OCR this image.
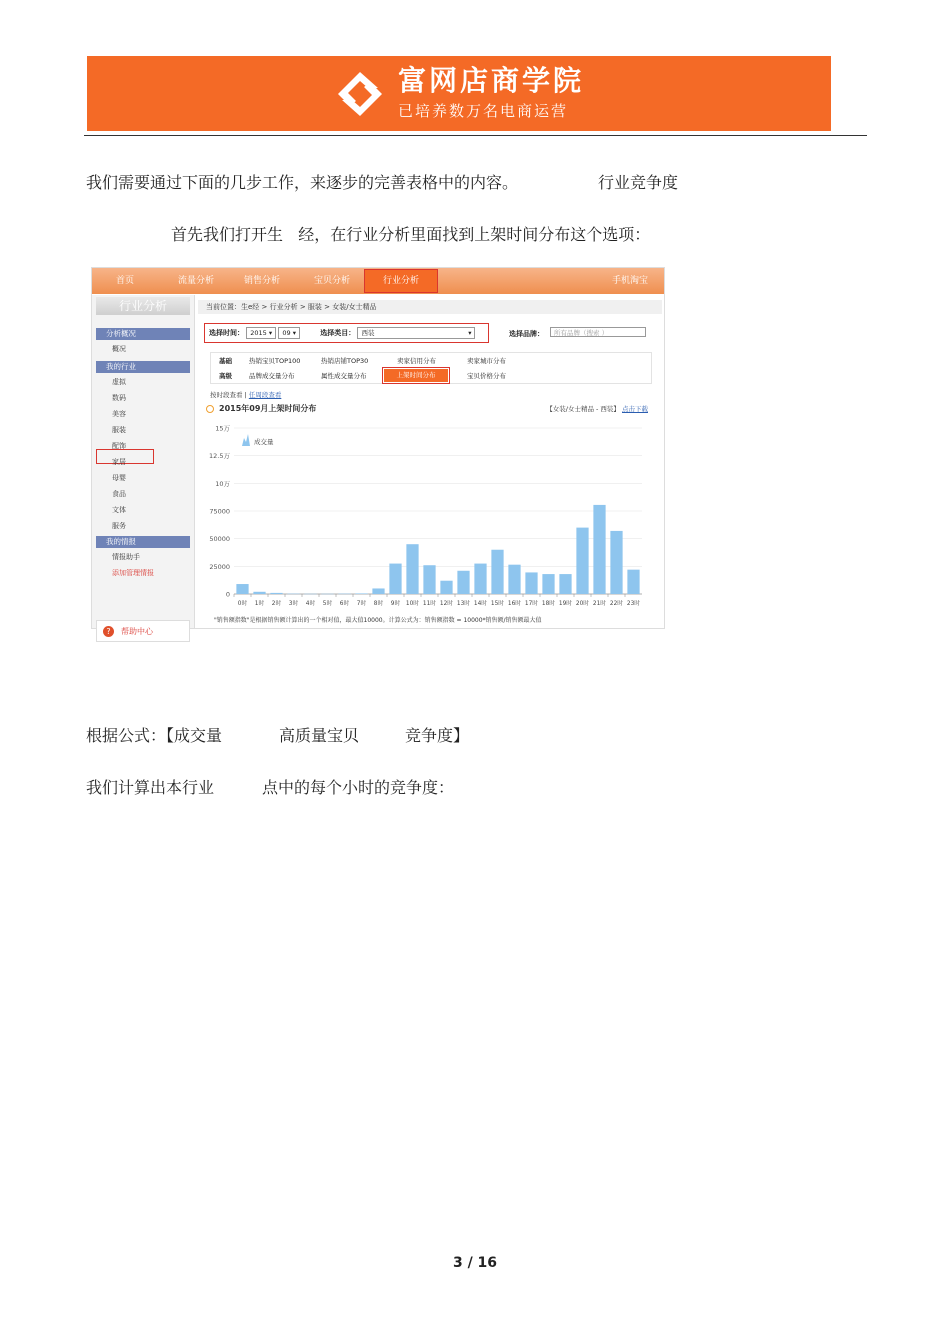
富网店商学院
已培养数万名电商运营
我们需要通过下面的几步工作，来逐步的完善表格中的内容。	行业竞争度
首先我们打开生   经，在行业分析里面找到上架时间分布这个选项：
首页	流量分析	销售分析	宝贝分析	行业分析	手机淘宝
行业分析
分析概况
概况
我的行业
虚拟
数码
美容
服装
配饰
家居
母婴
食品
文体
服务
我的情报
情报助手
添加管理情报
?	帮助中心
当前位置：生e经 > 行业分析 > 服装 > 女装/女士精品
选择时间： 2015 ▾ 09 ▾	选择类目： 西装	▾	选择品牌：	所有品牌（搜索 ）
基础	热销宝贝TOP100	热销店铺TOP30	卖家信用分布	卖家城市分布
高级	品牌成交量分布	属性成交量分布	上架时间分布	宝贝价格分布
按时段查看 | 任周段查看
2015年09月上架时间分布	【女装/女士精品 - 西装】 点击下载
0
25000
50000
75000
10万
12.5万
15万
0时 1时 2时 3时 4时 5时 6时 7时 8时 9时 10时 11时 12时 13时 14时 15时 16时 17时 18时 19时 20时 21时 22时 23时
成交量
"销售额指数"是根据销售额计算出的一个相对值，最大值10000。计算公式为：销售额指数 = 10000*销售额/销售额最大值
根据公式：【成交量	高质量宝贝	竞争度】
我们计算出本行业	点中的每个小时的竞争度：
3 / 16
